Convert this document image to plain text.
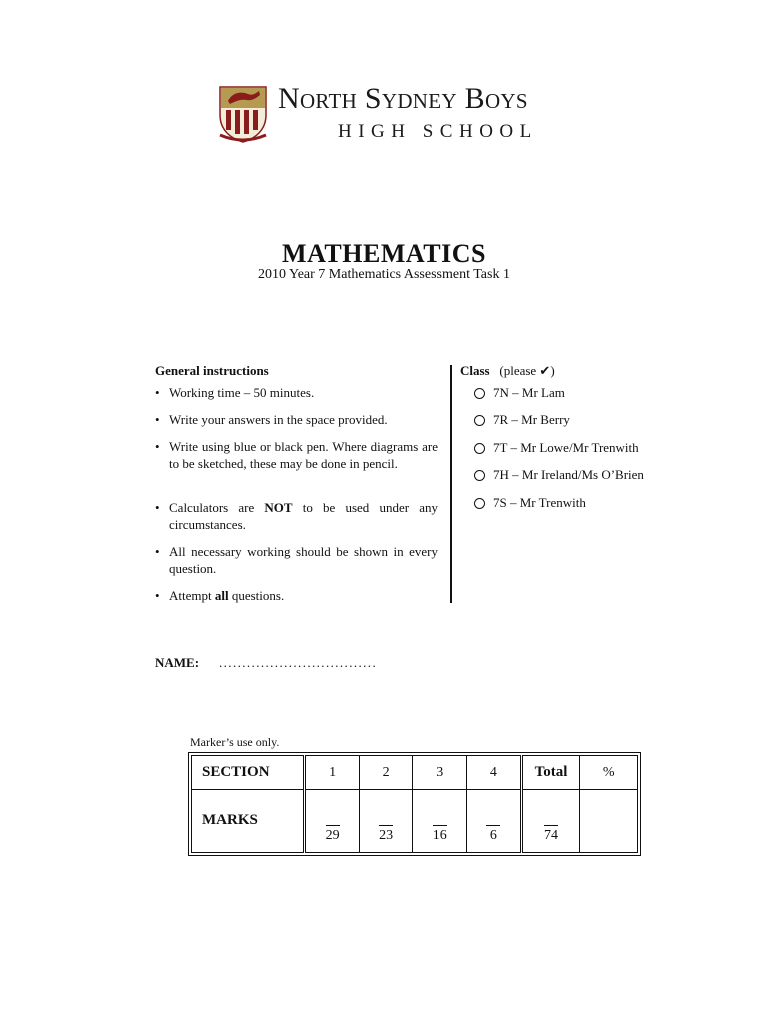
North Sydney Boys
HIGH SCHOOL
MATHEMATICS
2010 Year 7 Mathematics Assessment Task 1
General instructions
• Working time – 50 minutes.
• Write your answers in the space provided.
• Write using blue or black pen. Where diagrams are to be sketched, these may be done in pencil.
• Calculators are NOT to be used under any circumstances.
• All necessary working should be shown in every question.
• Attempt all questions.
Class (please ✔)
7N – Mr Lam
7R – Mr Berry
7T – Mr Lowe/Mr Trenwith
7H – Mr Ireland/Ms O’Brien
7S – Mr Trenwith
NAME: ..................................
Marker’s use only.
SECTION	1	2	3	4	Total	%
MARKS	29	23	16	6	74	
